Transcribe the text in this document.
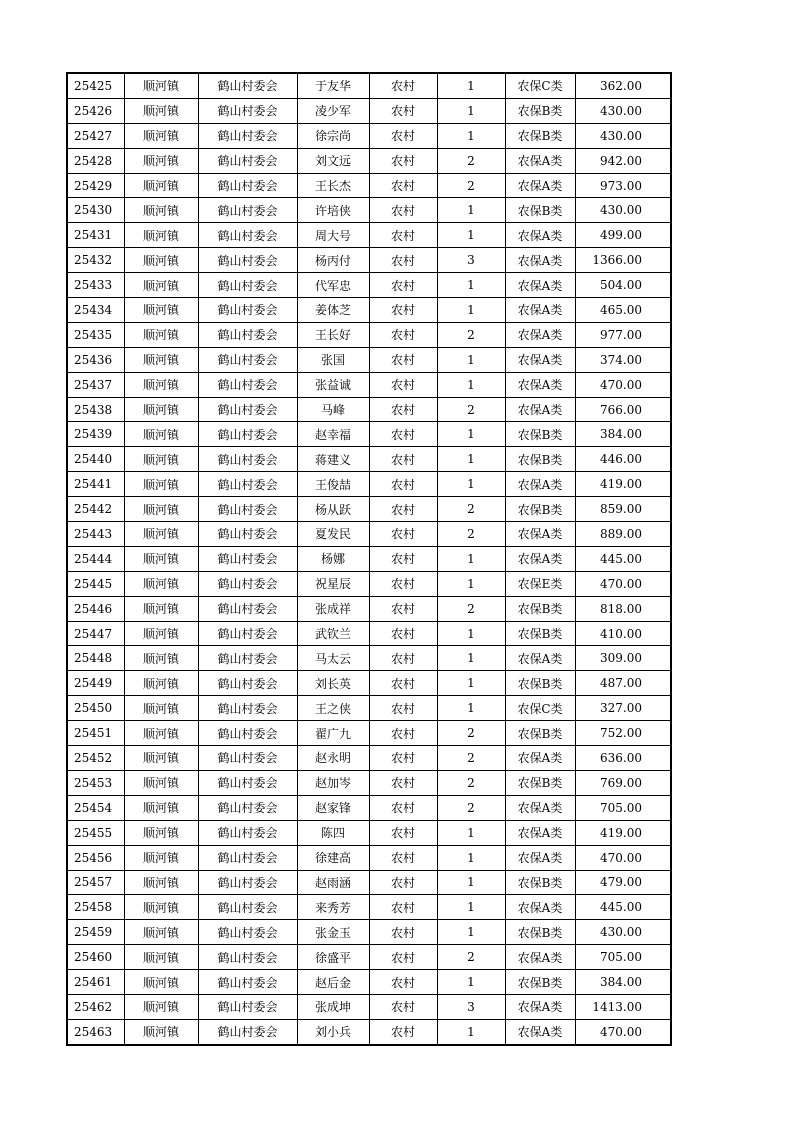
25425	顺河镇	鹤山村委会	于友华	农村	1	农保C类	362.00
25426	顺河镇	鹤山村委会	凌少军	农村	1	农保B类	430.00
25427	顺河镇	鹤山村委会	徐宗尚	农村	1	农保B类	430.00
25428	顺河镇	鹤山村委会	刘文远	农村	2	农保A类	942.00
25429	顺河镇	鹤山村委会	王长杰	农村	2	农保A类	973.00
25430	顺河镇	鹤山村委会	许培侠	农村	1	农保B类	430.00
25431	顺河镇	鹤山村委会	周大号	农村	1	农保A类	499.00
25432	顺河镇	鹤山村委会	杨丙付	农村	3	农保A类	1366.00
25433	顺河镇	鹤山村委会	代军忠	农村	1	农保A类	504.00
25434	顺河镇	鹤山村委会	姜体芝	农村	1	农保A类	465.00
25435	顺河镇	鹤山村委会	王长好	农村	2	农保A类	977.00
25436	顺河镇	鹤山村委会	张国	农村	1	农保A类	374.00
25437	顺河镇	鹤山村委会	张益诚	农村	1	农保A类	470.00
25438	顺河镇	鹤山村委会	马峰	农村	2	农保A类	766.00
25439	顺河镇	鹤山村委会	赵幸福	农村	1	农保B类	384.00
25440	顺河镇	鹤山村委会	蒋建义	农村	1	农保B类	446.00
25441	顺河镇	鹤山村委会	王俊喆	农村	1	农保A类	419.00
25442	顺河镇	鹤山村委会	杨从跃	农村	2	农保B类	859.00
25443	顺河镇	鹤山村委会	夏发民	农村	2	农保A类	889.00
25444	顺河镇	鹤山村委会	杨娜	农村	1	农保A类	445.00
25445	顺河镇	鹤山村委会	祝星辰	农村	1	农保E类	470.00
25446	顺河镇	鹤山村委会	张成祥	农村	2	农保B类	818.00
25447	顺河镇	鹤山村委会	武钦兰	农村	1	农保B类	410.00
25448	顺河镇	鹤山村委会	马太云	农村	1	农保A类	309.00
25449	顺河镇	鹤山村委会	刘长英	农村	1	农保B类	487.00
25450	顺河镇	鹤山村委会	王之侠	农村	1	农保C类	327.00
25451	顺河镇	鹤山村委会	翟广九	农村	2	农保B类	752.00
25452	顺河镇	鹤山村委会	赵永明	农村	2	农保A类	636.00
25453	顺河镇	鹤山村委会	赵加岑	农村	2	农保B类	769.00
25454	顺河镇	鹤山村委会	赵家锋	农村	2	农保A类	705.00
25455	顺河镇	鹤山村委会	陈四	农村	1	农保A类	419.00
25456	顺河镇	鹤山村委会	徐建高	农村	1	农保A类	470.00
25457	顺河镇	鹤山村委会	赵雨涵	农村	1	农保B类	479.00
25458	顺河镇	鹤山村委会	来秀芳	农村	1	农保A类	445.00
25459	顺河镇	鹤山村委会	张金玉	农村	1	农保B类	430.00
25460	顺河镇	鹤山村委会	徐盛平	农村	2	农保A类	705.00
25461	顺河镇	鹤山村委会	赵后金	农村	1	农保B类	384.00
25462	顺河镇	鹤山村委会	张成坤	农村	3	农保A类	1413.00
25463	顺河镇	鹤山村委会	刘小兵	农村	1	农保A类	470.00
